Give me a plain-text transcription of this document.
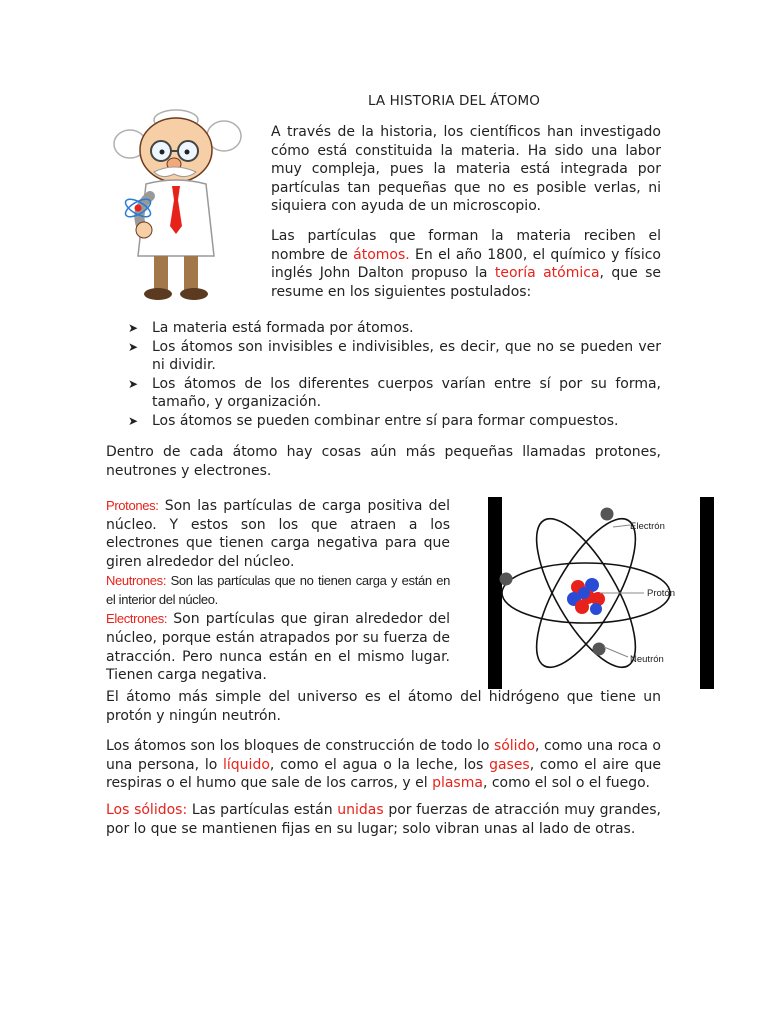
LA HISTORIA DEL ÁTOMO

A través de la historia, los científicos han investigado cómo está constituida la materia. Ha sido una labor muy compleja, pues la materia está integrada por partículas tan pequeñas que no es posible verlas, ni siquiera con ayuda de un microscopio.

Las partículas que forman la materia reciben el nombre de átomos. En el año 1800, el químico y físico inglés John Dalton propuso la teoría atómica, que se resume en los siguientes postulados:

➤ La materia está formada por átomos.
➤ Los átomos son invisibles e indivisibles, es decir, que no se pueden ver ni dividir.
➤ Los átomos de los diferentes cuerpos varían entre sí por su forma, tamaño, y organización.
➤ Los átomos se pueden combinar entre sí para formar compuestos.

Dentro de cada átomo hay cosas aún más pequeñas llamadas protones, neutrones y electrones.

Protones: Son las partículas de carga positiva del núcleo. Y estos son los que atraen a los electrones que tienen carga negativa para que giren alrededor del núcleo.

Neutrones: Son las partículas que no tienen carga y están en el interior del núcleo.

Electrones: Son partículas que giran alrededor del núcleo, porque están atrapados por su fuerza de atracción. Pero nunca están en el mismo lugar. Tienen carga negativa.

Electrón
Protón
Neutrón

El átomo más simple del universo es el átomo del hidrógeno que tiene un protón y ningún neutrón.

Los átomos son los bloques de construcción de todo lo sólido, como una roca o una persona, lo líquido, como el agua o la leche, los gases, como el aire que respiras o el humo que sale de los carros, y el plasma, como el sol o el fuego.

Los sólidos: Las partículas están unidas por fuerzas de atracción muy grandes, por lo que se mantienen fijas en su lugar; solo vibran unas al lado de otras.
